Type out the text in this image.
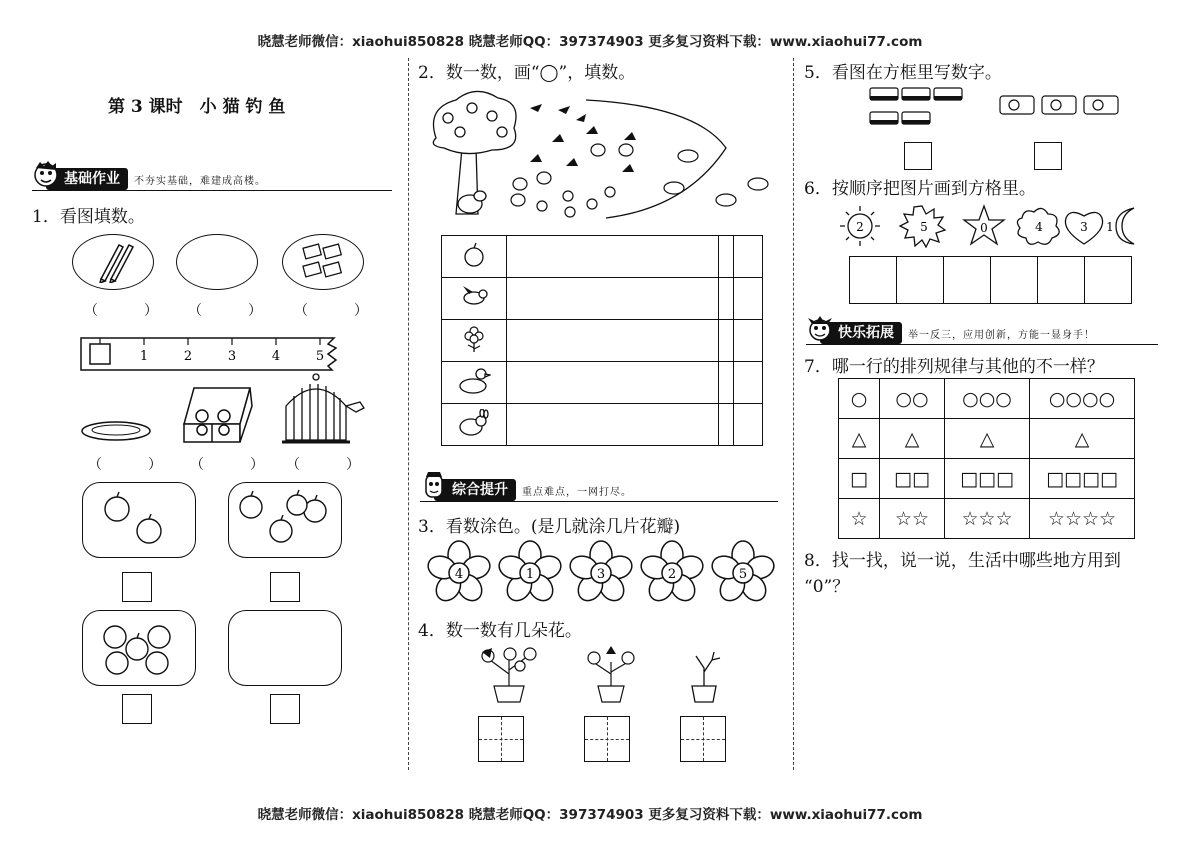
晓慧老师微信：xiaohui850828 晓慧老师QQ：397374903 更多复习资料下载：www.xiaohui77.com
晓慧老师微信：xiaohui850828 晓慧老师QQ：397374903 更多复习资料下载：www.xiaohui77.com
第 3 课时　小 猫 钓 鱼
基础作业	不夯实基础，难建成高楼。
1．看图填数。
（　） （　） （　）
1	2	3	4	5
（　） （　） （　）
2．数一数，画“◯”，填数。

综合提升	重点难点，一网打尽。
3．看数涂色。(是几就涂几片花瓣)
4	1	3	2	5
4．数一数有几朵花。
5．看图在方框里写数字。
6．按顺序把图片画到方格里。
2	5	0	4	3 1

快乐拓展	举一反三，应用创新，方能一显身手！
7．哪一行的排列规律与其他的不一样？
○	○○	○○○	○○○○
△	△	△	△
□	□□	□□□	□□□□
☆	☆☆	☆☆☆	☆☆☆☆
8．找一找，说一说，生活中哪些地方用到
“0”？
